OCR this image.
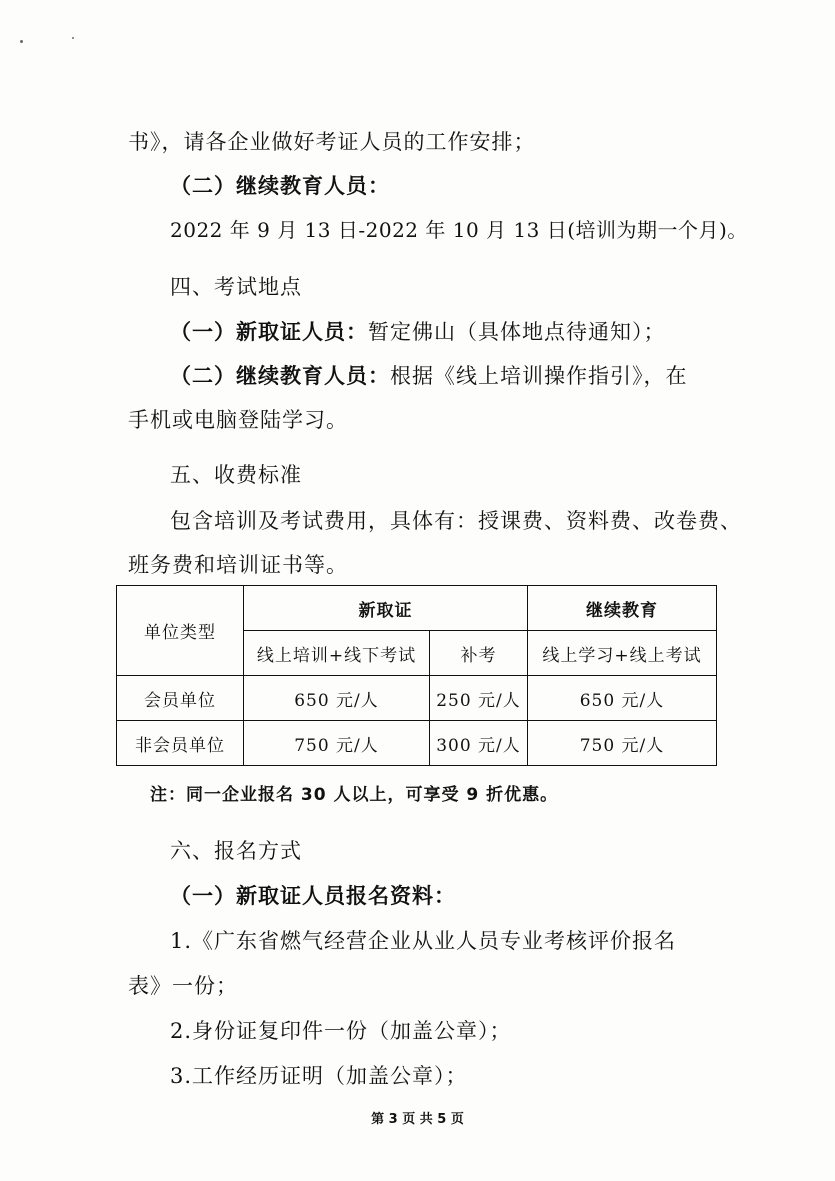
书》，请各企业做好考证人员的工作安排；
（二）继续教育人员：
2022 年 9 月 13 日-2022 年 10 月 13 日(培训为期一个月)。
四、考试地点
（一）新取证人员：暂定佛山（具体地点待通知）；
（二）继续教育人员：根据《线上培训操作指引》，在
手机或电脑登陆学习。
五、收费标准
包含培训及考试费用，具体有：授课费、资料费、改卷费、
班务费和培训证书等。
单位类型	新取证		继续教育
	线上培训+线下考试	补考	线上学习+线上考试
会员单位	650 元/人	250 元/人	650 元/人
非会员单位	750 元/人	300 元/人	750 元/人
注：同一企业报名 30 人以上，可享受 9 折优惠。
六、报名方式
（一）新取证人员报名资料：
1.《广东省燃气经营企业从业人员专业考核评价报名
表》一份；
2.身份证复印件一份（加盖公章）；
3.工作经历证明（加盖公章）；
第 3 页 共 5 页
